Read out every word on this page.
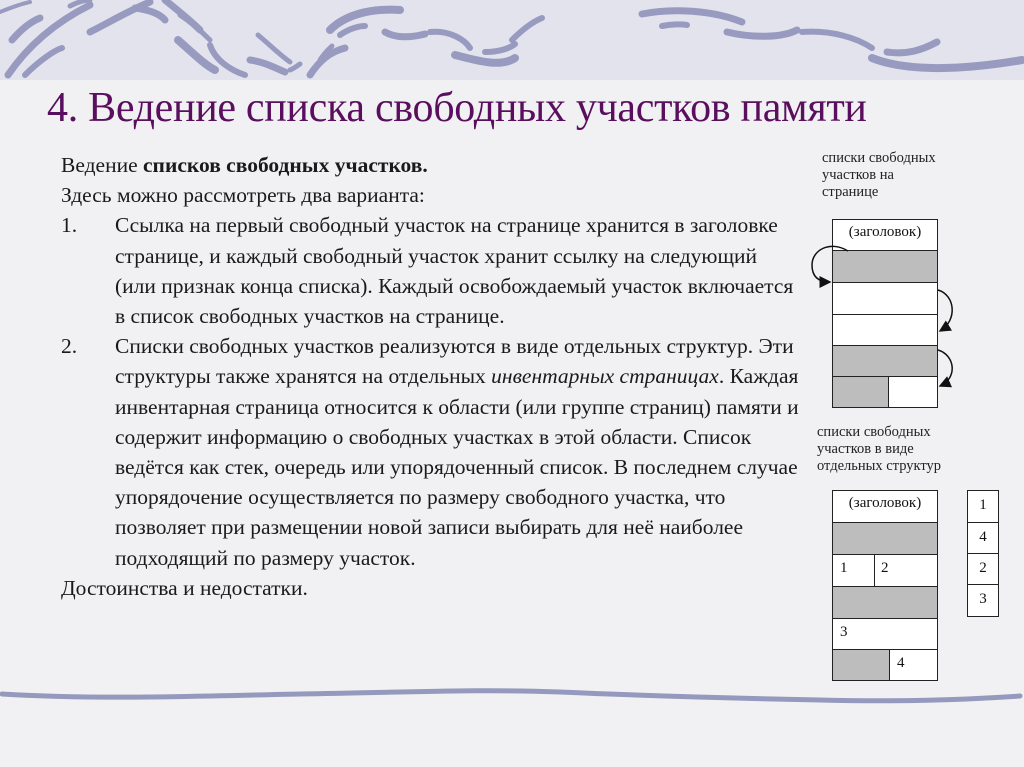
4. Ведение списка свободных участков памяти

Ведение списков свободных участков.

Здесь можно рассмотреть два варианта:

1. Ссылка на первый свободный участок на странице хранится в заголовке странице, и каждый свободный участок хранит ссылку на следующий (или признак конца списка). Каждый освобождаемый участок включается в список свободных участков на странице.
2. Списки свободных участков реализуются в виде отдельных структур. Эти структуры также хранятся на отдельных инвентарных страницах. Каждая инвентарная страница относится к области (или группе страниц) памяти и содержит информацию о свободных участках в этой области. Список ведётся как стек, очередь или упорядоченный список. В последнем случае упорядочение осуществляется по размеру свободного участка, что позволяет при размещении новой записи выбирать для неё наиболее подходящий по размеру участок.

Достоинства и недостатки.

списки свободных
участков на
странице
(заголовок)
списки свободных
участков в виде
отдельных структур
(заголовок)
1 2
3
4
1
4
2
3
